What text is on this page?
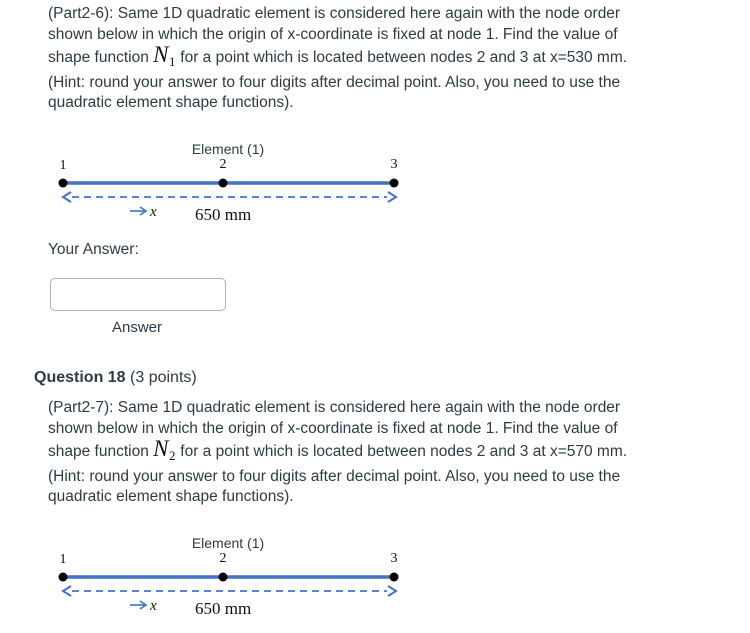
(Part2-6): Same 1D quadratic element is considered here again with the node order shown below in which the origin of x-coordinate is fixed at node 1. Find the value of shape function $N_1$ for a point which is located between nodes 2 and 3 at x=530 mm. (Hint: round your answer to four digits after decimal point. Also, you need to use the quadratic element shape functions).
Element (1)
1	2	3
x 650 mm
Your Answer:
Answer
Question 18 (3 points)
(Part2-7): Same 1D quadratic element is considered here again with the node order shown below in which the origin of x-coordinate is fixed at node 1. Find the value of shape function $N_2$ for a point which is located between nodes 2 and 3 at x=570 mm. (Hint: round your answer to four digits after decimal point. Also, you need to use the quadratic element shape functions).
Element (1)
1	2	3
x 650 mm
